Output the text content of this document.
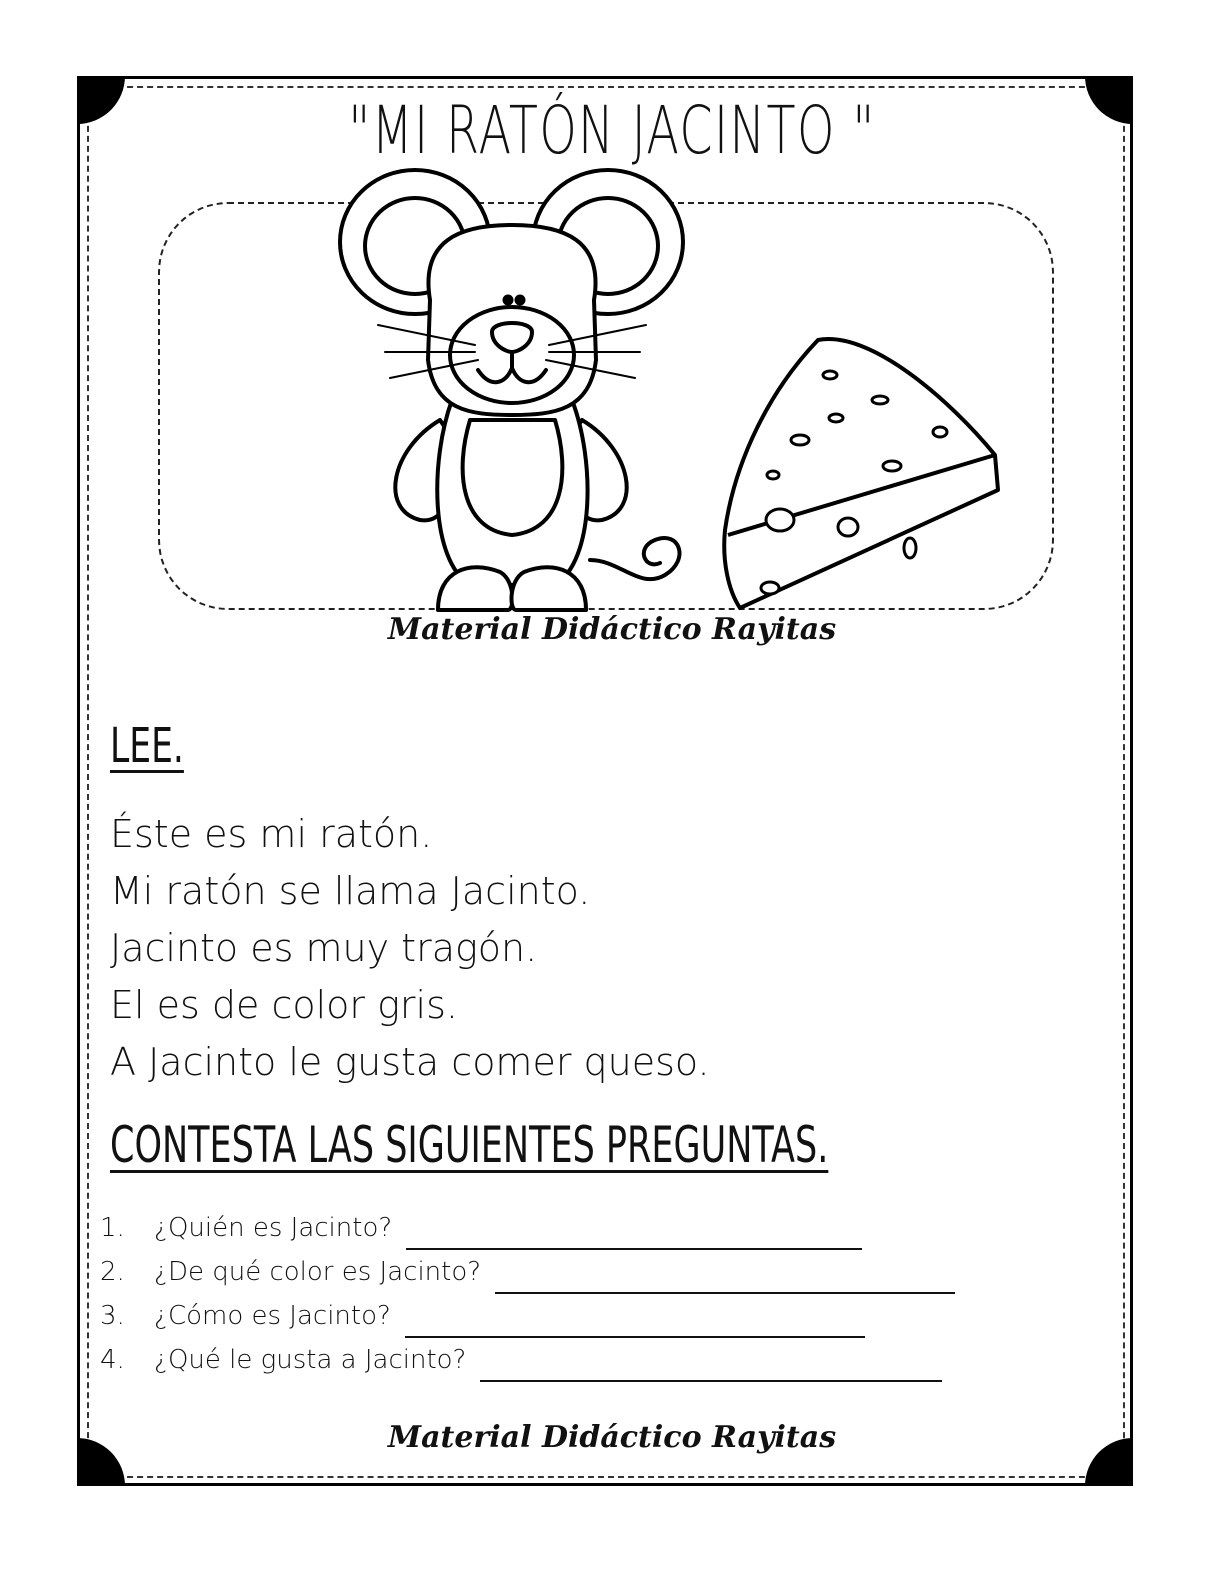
"MI RATÓN JACINTO "
Material Didáctico Rayitas
LEE.
Éste es mi ratón.
Mi ratón se llama Jacinto.
Jacinto es muy tragón.
El es de color gris.
A Jacinto le gusta comer queso.
CONTESTA LAS SIGUIENTES PREGUNTAS.
1.	¿Quién es Jacinto?
2.	¿De qué color es Jacinto?
3.	¿Cómo es Jacinto?
4.	¿Qué le gusta a Jacinto?
Material Didáctico Rayitas
